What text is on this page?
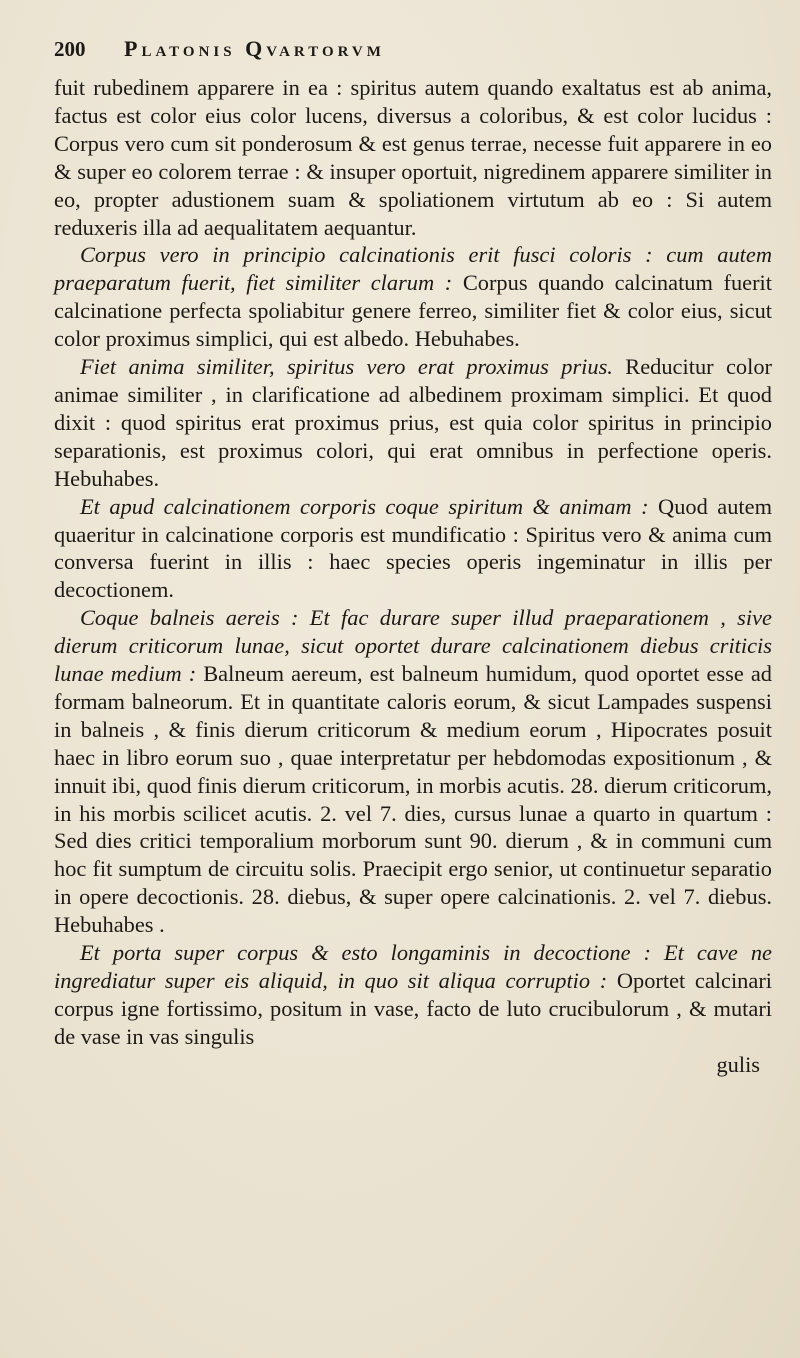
200	Platonis Qvartorvm

fuit rubedinem apparere in ea : spiritus autem quando exaltatus est ab anima, factus est color eius color lucens, diversus a coloribus, & est color lucidus : Corpus vero cum sit ponderosum & est genus terrae, necesse fuit apparere in eo & super eo colorem terrae : & insuper oportuit, nigredinem apparere similiter in eo, propter adustionem suam & spoliationem virtutum ab eo : Si autem reduxeris illa ad aequalitatem aequantur.

Corpus vero in principio calcinationis erit fusci coloris : cum autem praeparatum fuerit, fiet similiter clarum : Corpus quando calcinatum fuerit calcinatione perfecta spoliabitur genere ferreo, similiter fiet & color eius, sicut color proximus simplici, qui est albedo. Hebuhabes.

Fiet anima similiter, spiritus vero erat proximus prius. Reducitur color animae similiter , in clarificatione ad albedinem proximam simplici. Et quod dixit : quod spiritus erat proximus prius, est quia color spiritus in principio separationis, est proximus colori, qui erat omnibus in perfectione operis. Hebuhabes.

Et apud calcinationem corporis coque spiritum & animam : Quod autem quaeritur in calcinatione corporis est mundificatio : Spiritus vero & anima cum conversa fuerint in illis : haec species operis ingeminatur in illis per decoctionem.

Coque balneis aereis : Et fac durare super illud praeparationem , sive dierum criticorum lunae, sicut oportet durare calcinationem diebus criticis lunae medium : Balneum aereum, est balneum humidum, quod oportet esse ad formam balneorum. Et in quantitate caloris eorum, & sicut Lampades suspensi in balneis , & finis dierum criticorum & medium eorum , Hipocrates posuit haec in libro eorum suo , quae interpretatur per hebdomodas expositionum , & innuit ibi, quod finis dierum criticorum, in morbis acutis. 28. dierum criticorum, in his morbis scilicet acutis. 2. vel 7. dies, cursus lunae a quarto in quartum : Sed dies critici temporalium morborum sunt 90. dierum , & in communi cum hoc fit sumptum de circuitu solis. Praecipit ergo senior, ut continuetur separatio in opere decoctionis. 28. diebus, & super opere calcinationis. 2. vel 7. diebus. Hebuhabes .

Et porta super corpus & esto longaminis in decoctione : Et cave ne ingrediatur super eis aliquid, in quo sit aliqua corruptio : Oportet calcinari corpus igne fortissimo, positum in vase, facto de luto crucibulorum , & mutari de vase in vas singulis

gulis
